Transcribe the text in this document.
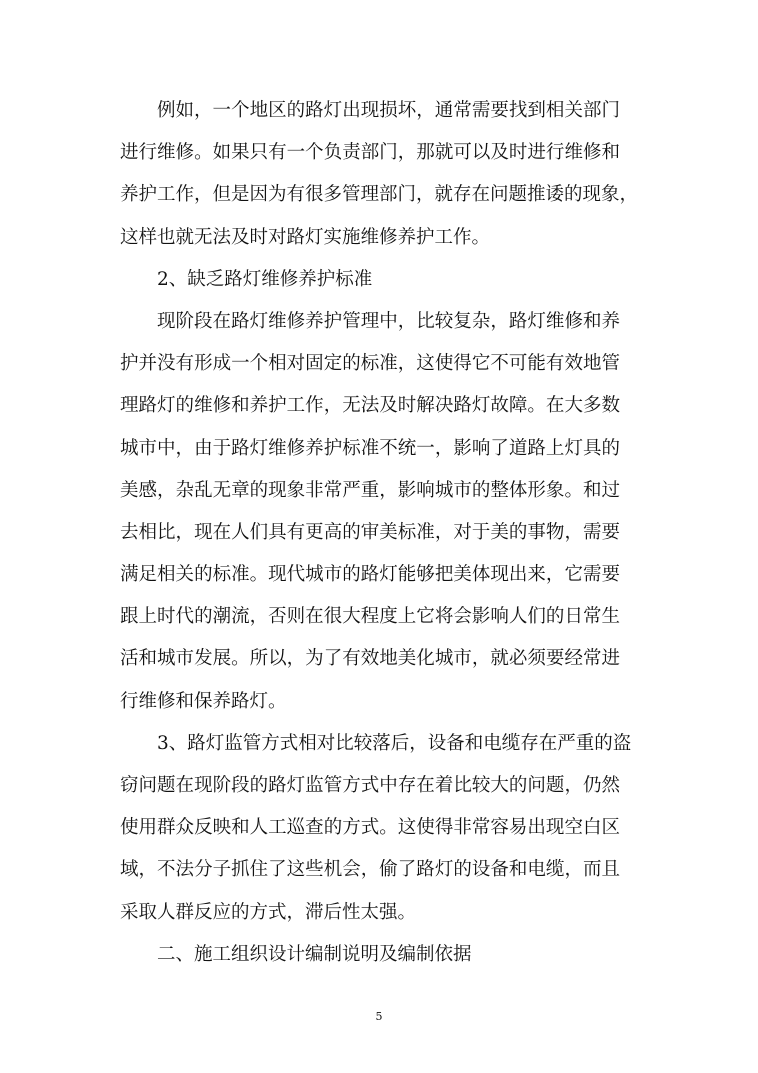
例如，一个地区的路灯出现损坏，通常需要找到相关部门
进行维修。如果只有一个负责部门，那就可以及时进行维修和
养护工作，但是因为有很多管理部门，就存在问题推诿的现象，
这样也就无法及时对路灯实施维修养护工作。
2、缺乏路灯维修养护标准
现阶段在路灯维修养护管理中，比较复杂，路灯维修和养
护并没有形成一个相对固定的标准，这使得它不可能有效地管
理路灯的维修和养护工作，无法及时解决路灯故障。在大多数
城市中，由于路灯维修养护标准不统一，影响了道路上灯具的
美感，杂乱无章的现象非常严重，影响城市的整体形象。和过
去相比，现在人们具有更高的审美标准，对于美的事物，需要
满足相关的标准。现代城市的路灯能够把美体现出来，它需要
跟上时代的潮流，否则在很大程度上它将会影响人们的日常生
活和城市发展。所以，为了有效地美化城市，就必须要经常进
行维修和保养路灯。
3、路灯监管方式相对比较落后，设备和电缆存在严重的盗
窃问题在现阶段的路灯监管方式中存在着比较大的问题，仍然
使用群众反映和人工巡查的方式。这使得非常容易出现空白区
域，不法分子抓住了这些机会，偷了路灯的设备和电缆，而且
采取人群反应的方式，滞后性太强。
二、施工组织设计编制说明及编制依据
5
